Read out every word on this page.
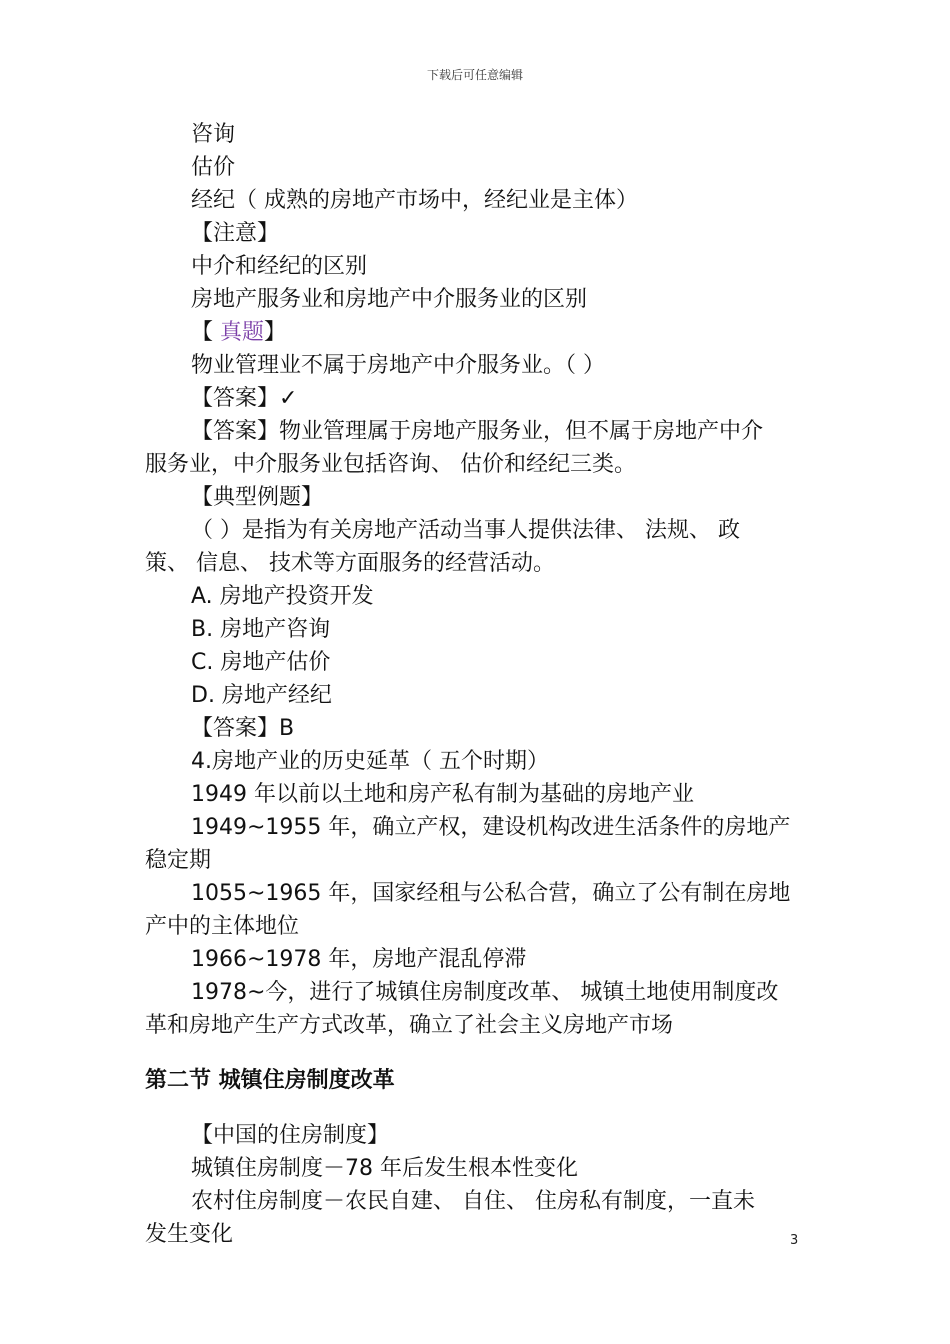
下载后可任意编辑

咨询

估价

经纪（ 成熟的房地产市场中，经纪业是主体）

【注意】

中介和经纪的区别

房地产服务业和房地产中介服务业的区别

【 真题】

物业管理业不属于房地产中介服务业。（ ）

【答案】✓

【答案】物业管理属于房地产服务业，但不属于房地产中介

服务业，中介服务业包括咨询、 估价和经纪三类。

【典型例题】

（ ）是指为有关房地产活动当事人提供法律、 法规、 政

策、 信息、 技术等方面服务的经营活动。

A. 房地产投资开发

B. 房地产咨询

C. 房地产估价

D. 房地产经纪

【答案】B

4.房地产业的历史延革（ 五个时期）

1949 年以前以土地和房产私有制为基础的房地产业

1949~1955 年，确立产权，建设机构改进生活条件的房地产

稳定期

1055~1965 年，国家经租与公私合营，确立了公有制在房地

产中的主体地位

1966~1978 年，房地产混乱停滞

1978~今，进行了城镇住房制度改革、 城镇土地使用制度改

革和房地产生产方式改革，确立了社会主义房地产市场

第二节 城镇住房制度改革

【中国的住房制度】

城镇住房制度－78 年后发生根本性变化

农村住房制度－农民自建、 自住、 住房私有制度，一直未

发生变化	3
